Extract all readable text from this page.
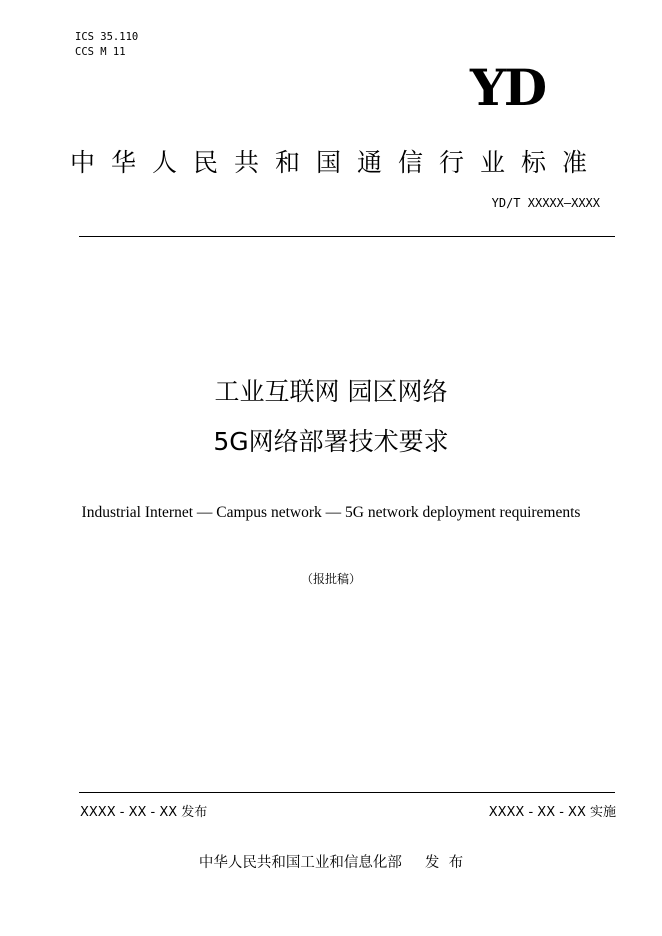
ICS 35.110
CCS M 11
YD
中华人民共和国通信行业标准
YD/T XXXXX—XXXX
工业互联网 园区网络
5G网络部署技术要求
Industrial Internet — Campus network — 5G network deployment requirements
（报批稿）
XXXX - XX - XX 发布	XXXX - XX - XX 实施
中华人民共和国工业和信息化部     发  布
